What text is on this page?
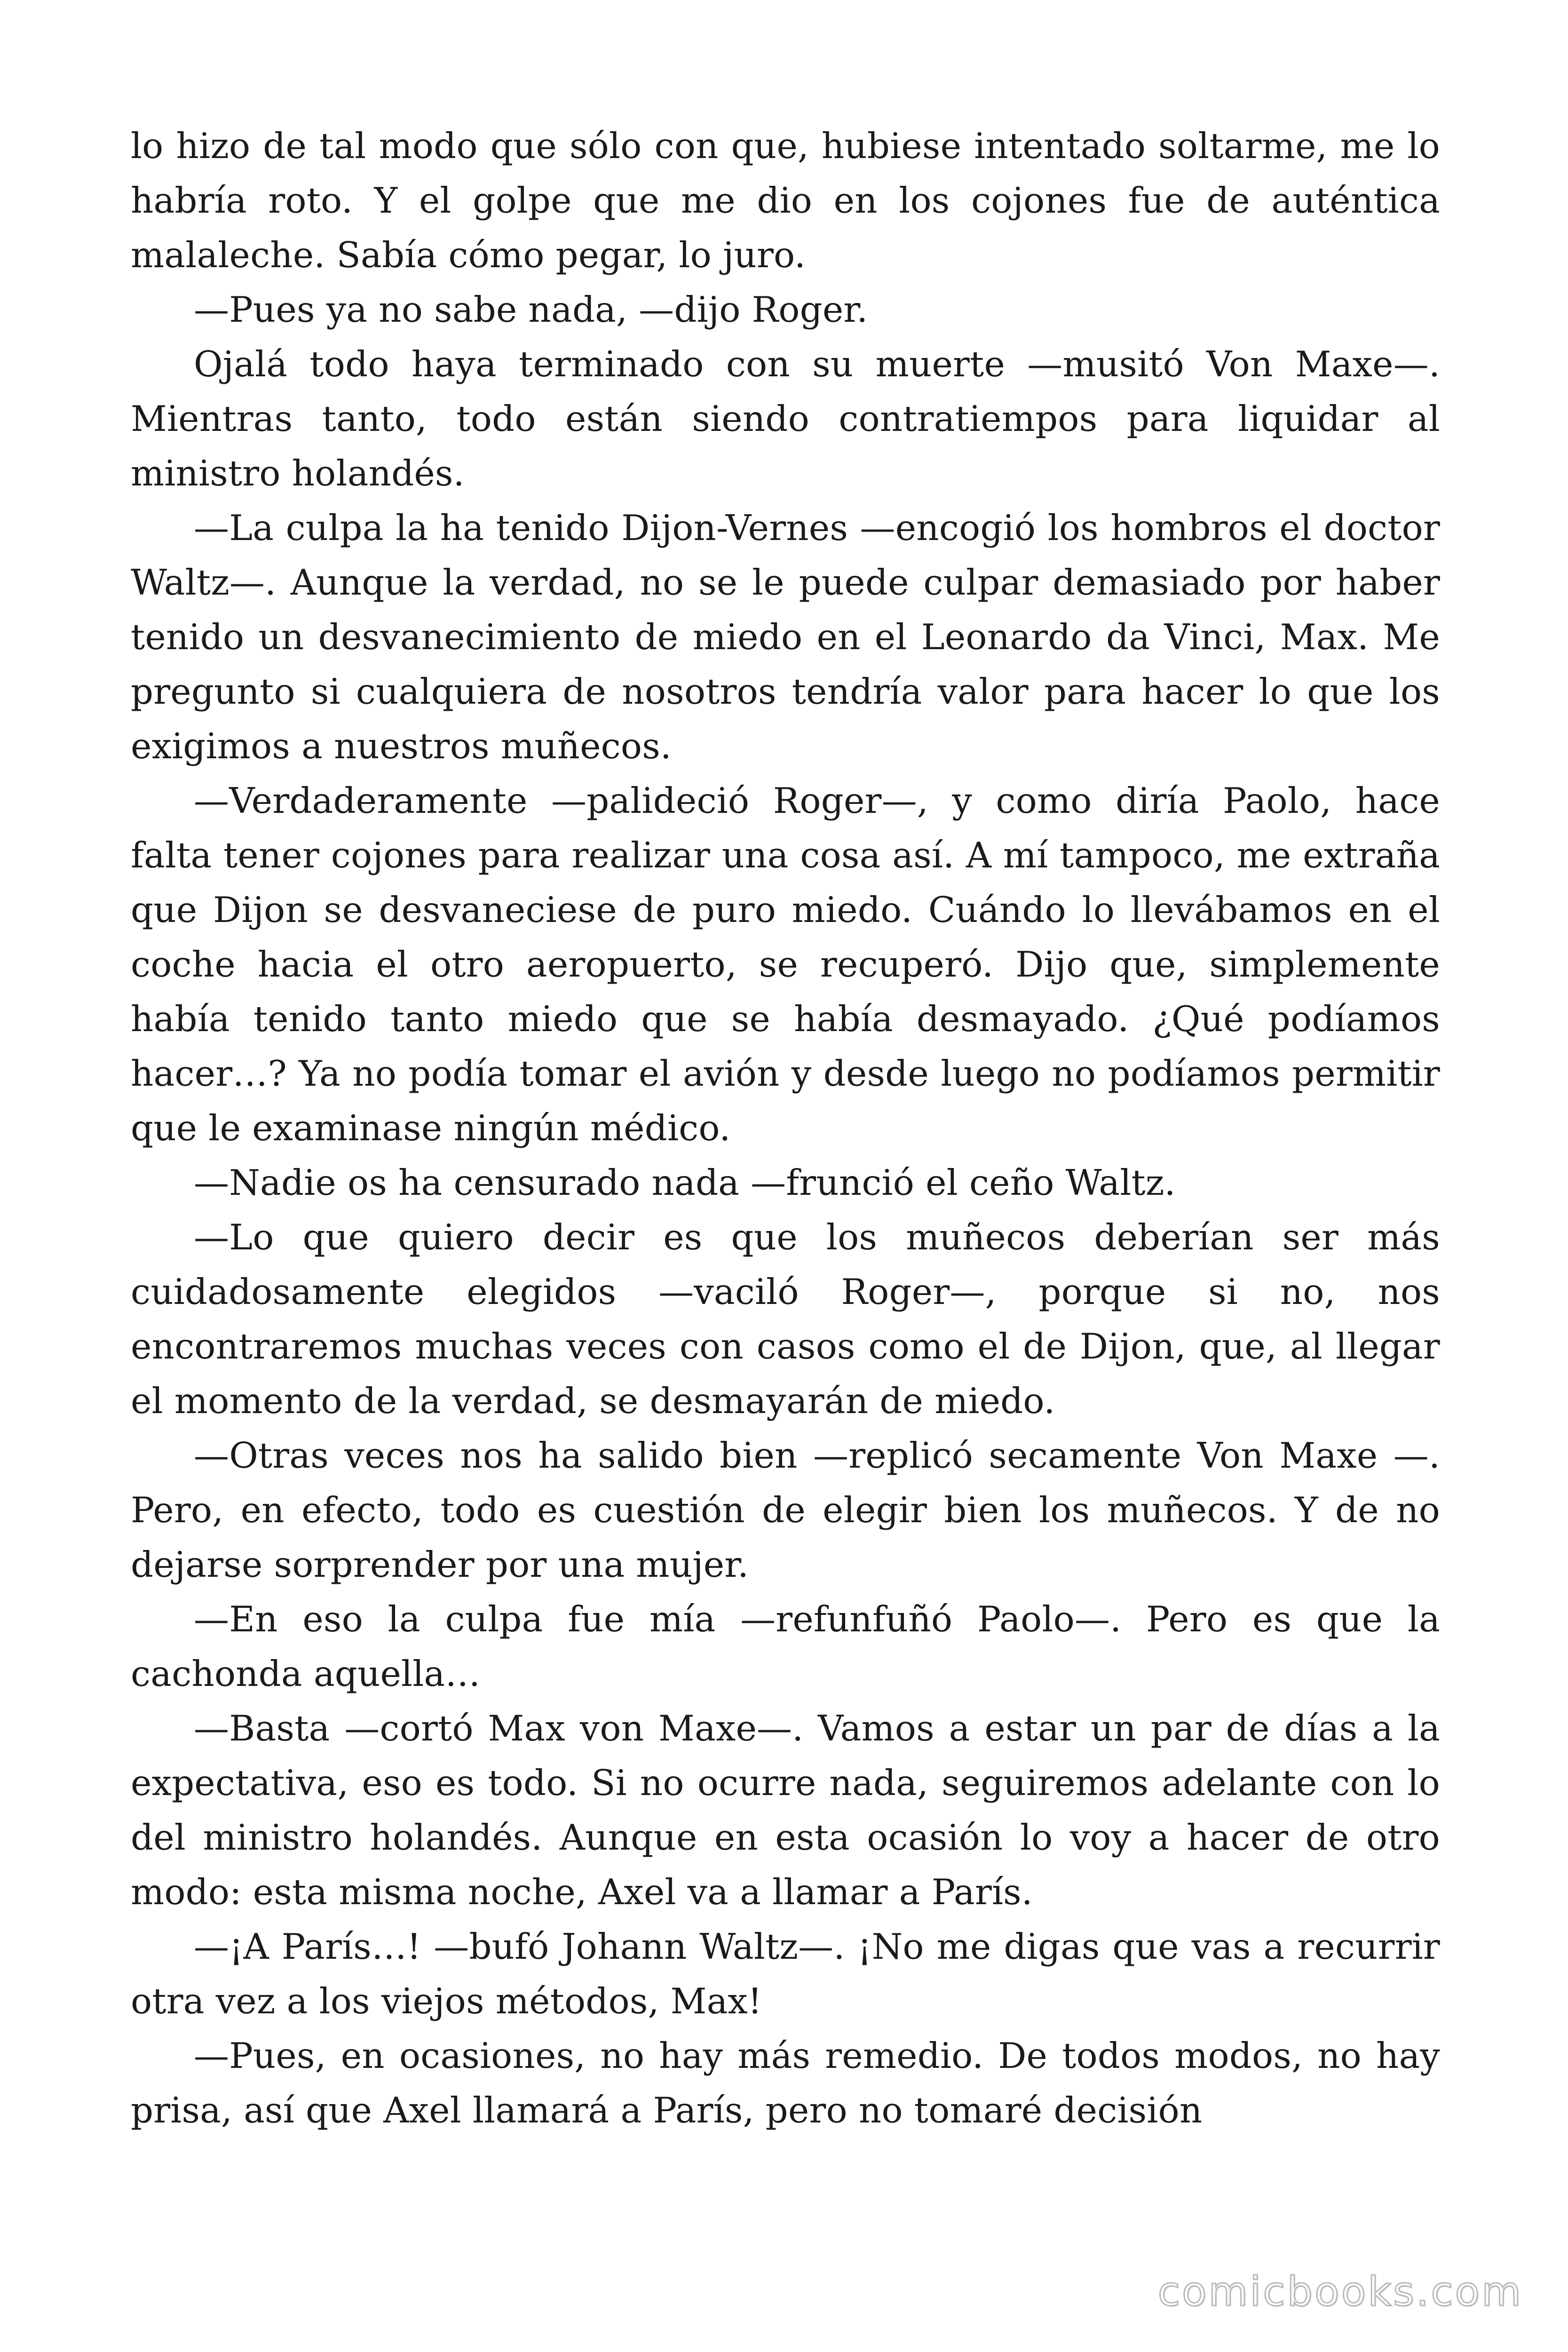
lo hizo de tal modo que sólo con que, hubiese intentado soltarme, me lo habría roto. Y el golpe que me dio en los cojones fue de auténtica malaleche. Sabía cómo pegar, lo juro.

—Pues ya no sabe nada, —dijo Roger.

Ojalá todo haya terminado con su muerte —musitó Von Maxe—. Mientras tanto, todo están siendo contratiempos para liquidar al ministro holandés.

—La culpa la ha tenido Dijon-Vernes —encogió los hombros el doctor Waltz—. Aunque la verdad, no se le puede culpar demasiado por haber tenido un desvanecimiento de miedo en el Leonardo da Vinci, Max. Me pregunto si cualquiera de nosotros tendría valor para hacer lo que los exigimos a nuestros muñecos.

—Verdaderamente —palideció Roger—, y como diría Paolo, hace falta tener cojones para realizar una cosa así. A mí tampoco, me extraña que Dijon se desvaneciese de puro miedo. Cuándo lo llevábamos en el coche hacia el otro aeropuerto, se recuperó. Dijo que, simplemente había tenido tanto miedo que se había desmayado. ¿Qué podíamos hacer…? Ya no podía tomar el avión y desde luego no podíamos permitir que le examinase ningún médico.

—Nadie os ha censurado nada —frunció el ceño Waltz.

—Lo que quiero decir es que los muñecos deberían ser más cuidadosamente elegidos —vaciló Roger—, porque si no, nos encontraremos muchas veces con casos como el de Dijon, que, al llegar el momento de la verdad, se desmayarán de miedo.

—Otras veces nos ha salido bien —replicó secamente Von Maxe —. Pero, en efecto, todo es cuestión de elegir bien los muñecos. Y de no dejarse sorprender por una mujer.

—En eso la culpa fue mía —refunfuñó Paolo—. Pero es que la cachonda aquella…

—Basta —cortó Max von Maxe—. Vamos a estar un par de días a la expectativa, eso es todo. Si no ocurre nada, seguiremos adelante con lo del ministro holandés. Aunque en esta ocasión lo voy a hacer de otro modo: esta misma noche, Axel va a llamar a París.

—¡A París…! —bufó Johann Waltz—. ¡No me digas que vas a recurrir otra vez a los viejos métodos, Max!

—Pues, en ocasiones, no hay más remedio. De todos modos, no hay prisa, así que Axel llamará a París, pero no tomaré decisión

comicbooks.com
